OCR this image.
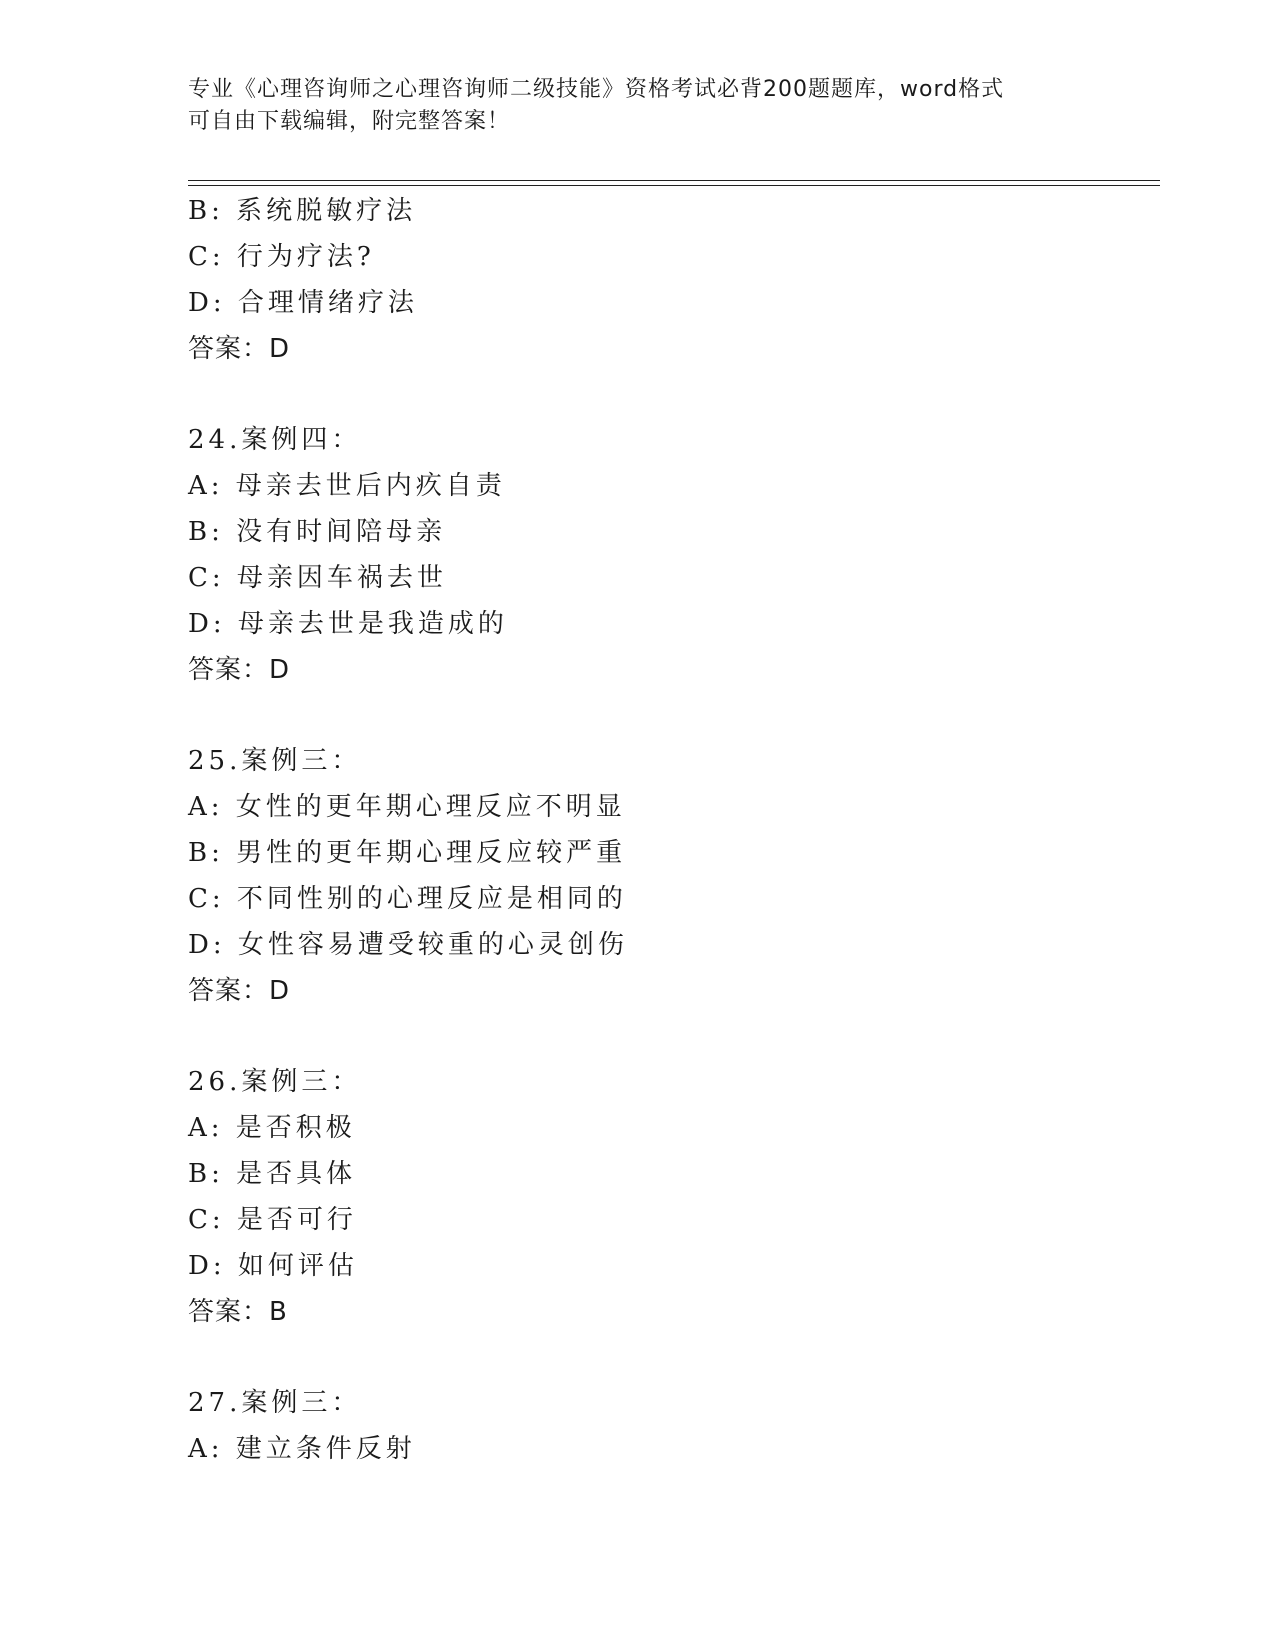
专业《心理咨询师之心理咨询师二级技能》资格考试必背200题题库，word格式
可自由下载编辑，附完整答案！
B: 系统脱敏疗法
C: 行为疗法?
D: 合理情绪疗法
答案：D
24.案例四：
A: 母亲去世后内疚自责
B: 没有时间陪母亲
C: 母亲因车祸去世
D: 母亲去世是我造成的
答案：D
25.案例三：
A: 女性的更年期心理反应不明显
B: 男性的更年期心理反应较严重
C: 不同性别的心理反应是相同的
D: 女性容易遭受较重的心灵创伤
答案：D
26.案例三：
A: 是否积极
B: 是否具体
C: 是否可行
D: 如何评估
答案：B
27.案例三：
A: 建立条件反射
